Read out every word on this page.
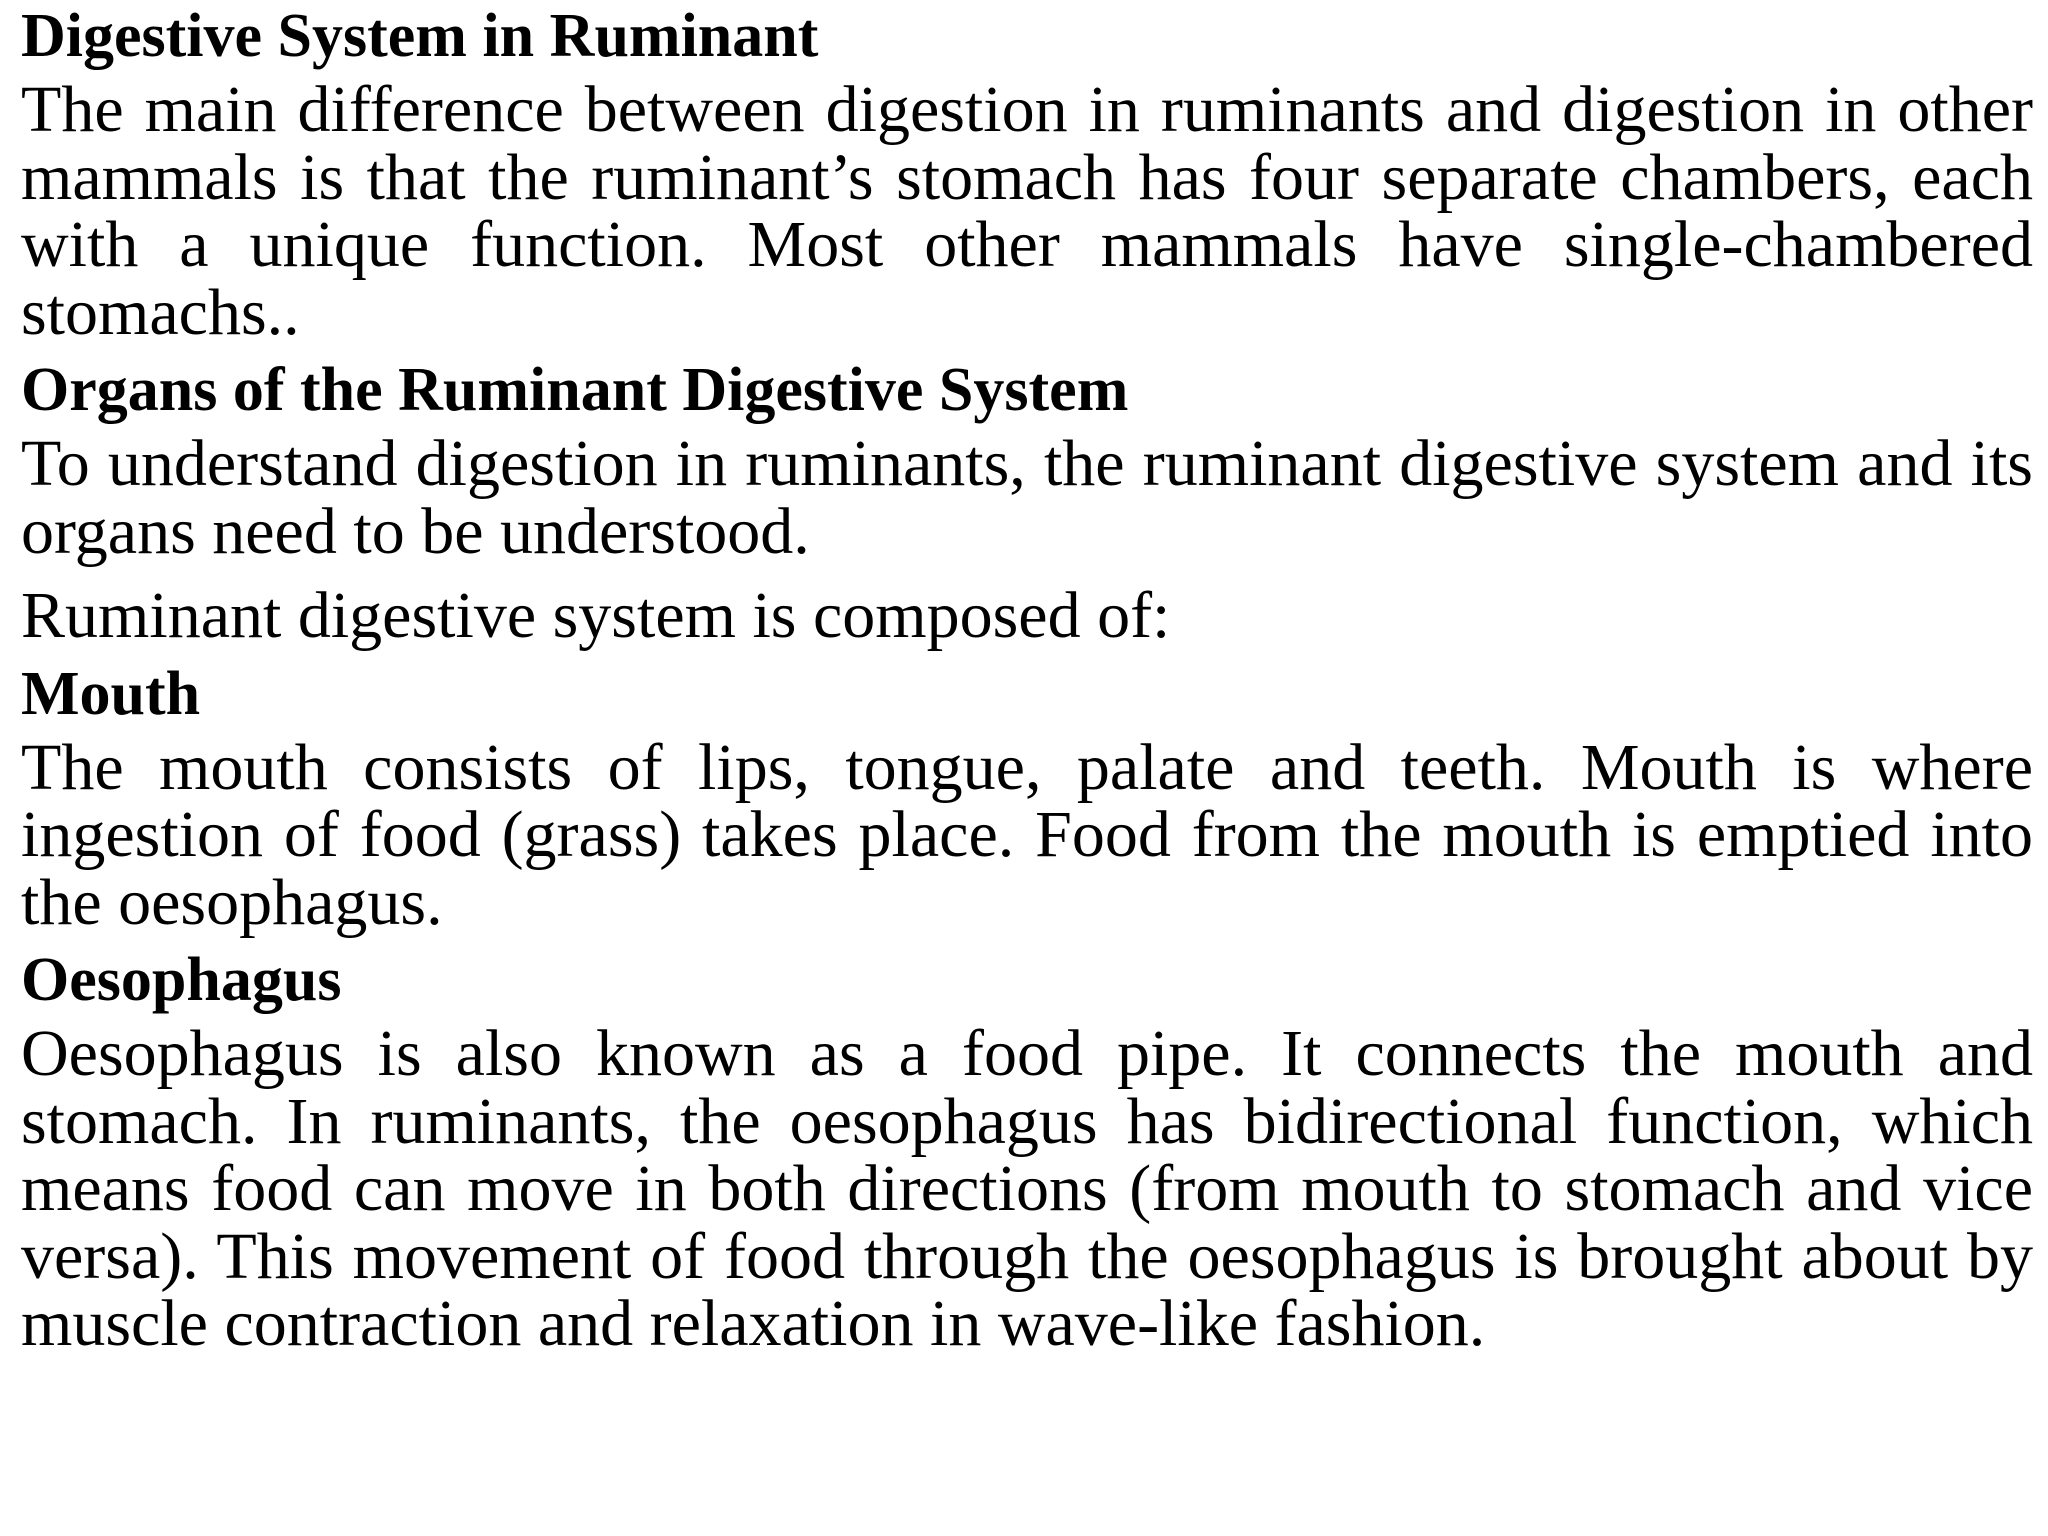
Digestive System in Ruminant

The main difference between digestion in ruminants and digestion in other mammals is that the ruminant’s stomach has four separate chambers, each with a unique function. Most other mammals have single-chambered stomachs..

Organs of the Ruminant Digestive System

To understand digestion in ruminants, the ruminant digestive system and its organs need to be understood.

Ruminant digestive system is composed of:

Mouth

The mouth consists of lips, tongue, palate and teeth. Mouth is where ingestion of food (grass) takes place. Food from the mouth is emptied into the oesophagus.

Oesophagus

Oesophagus is also known as a food pipe. It connects the mouth and stomach. In ruminants, the oesophagus has bidirectional function, which means food can move in both directions (from mouth to stomach and vice versa). This movement of food through the oesophagus is brought about by muscle contraction and relaxation in wave-like fashion.
